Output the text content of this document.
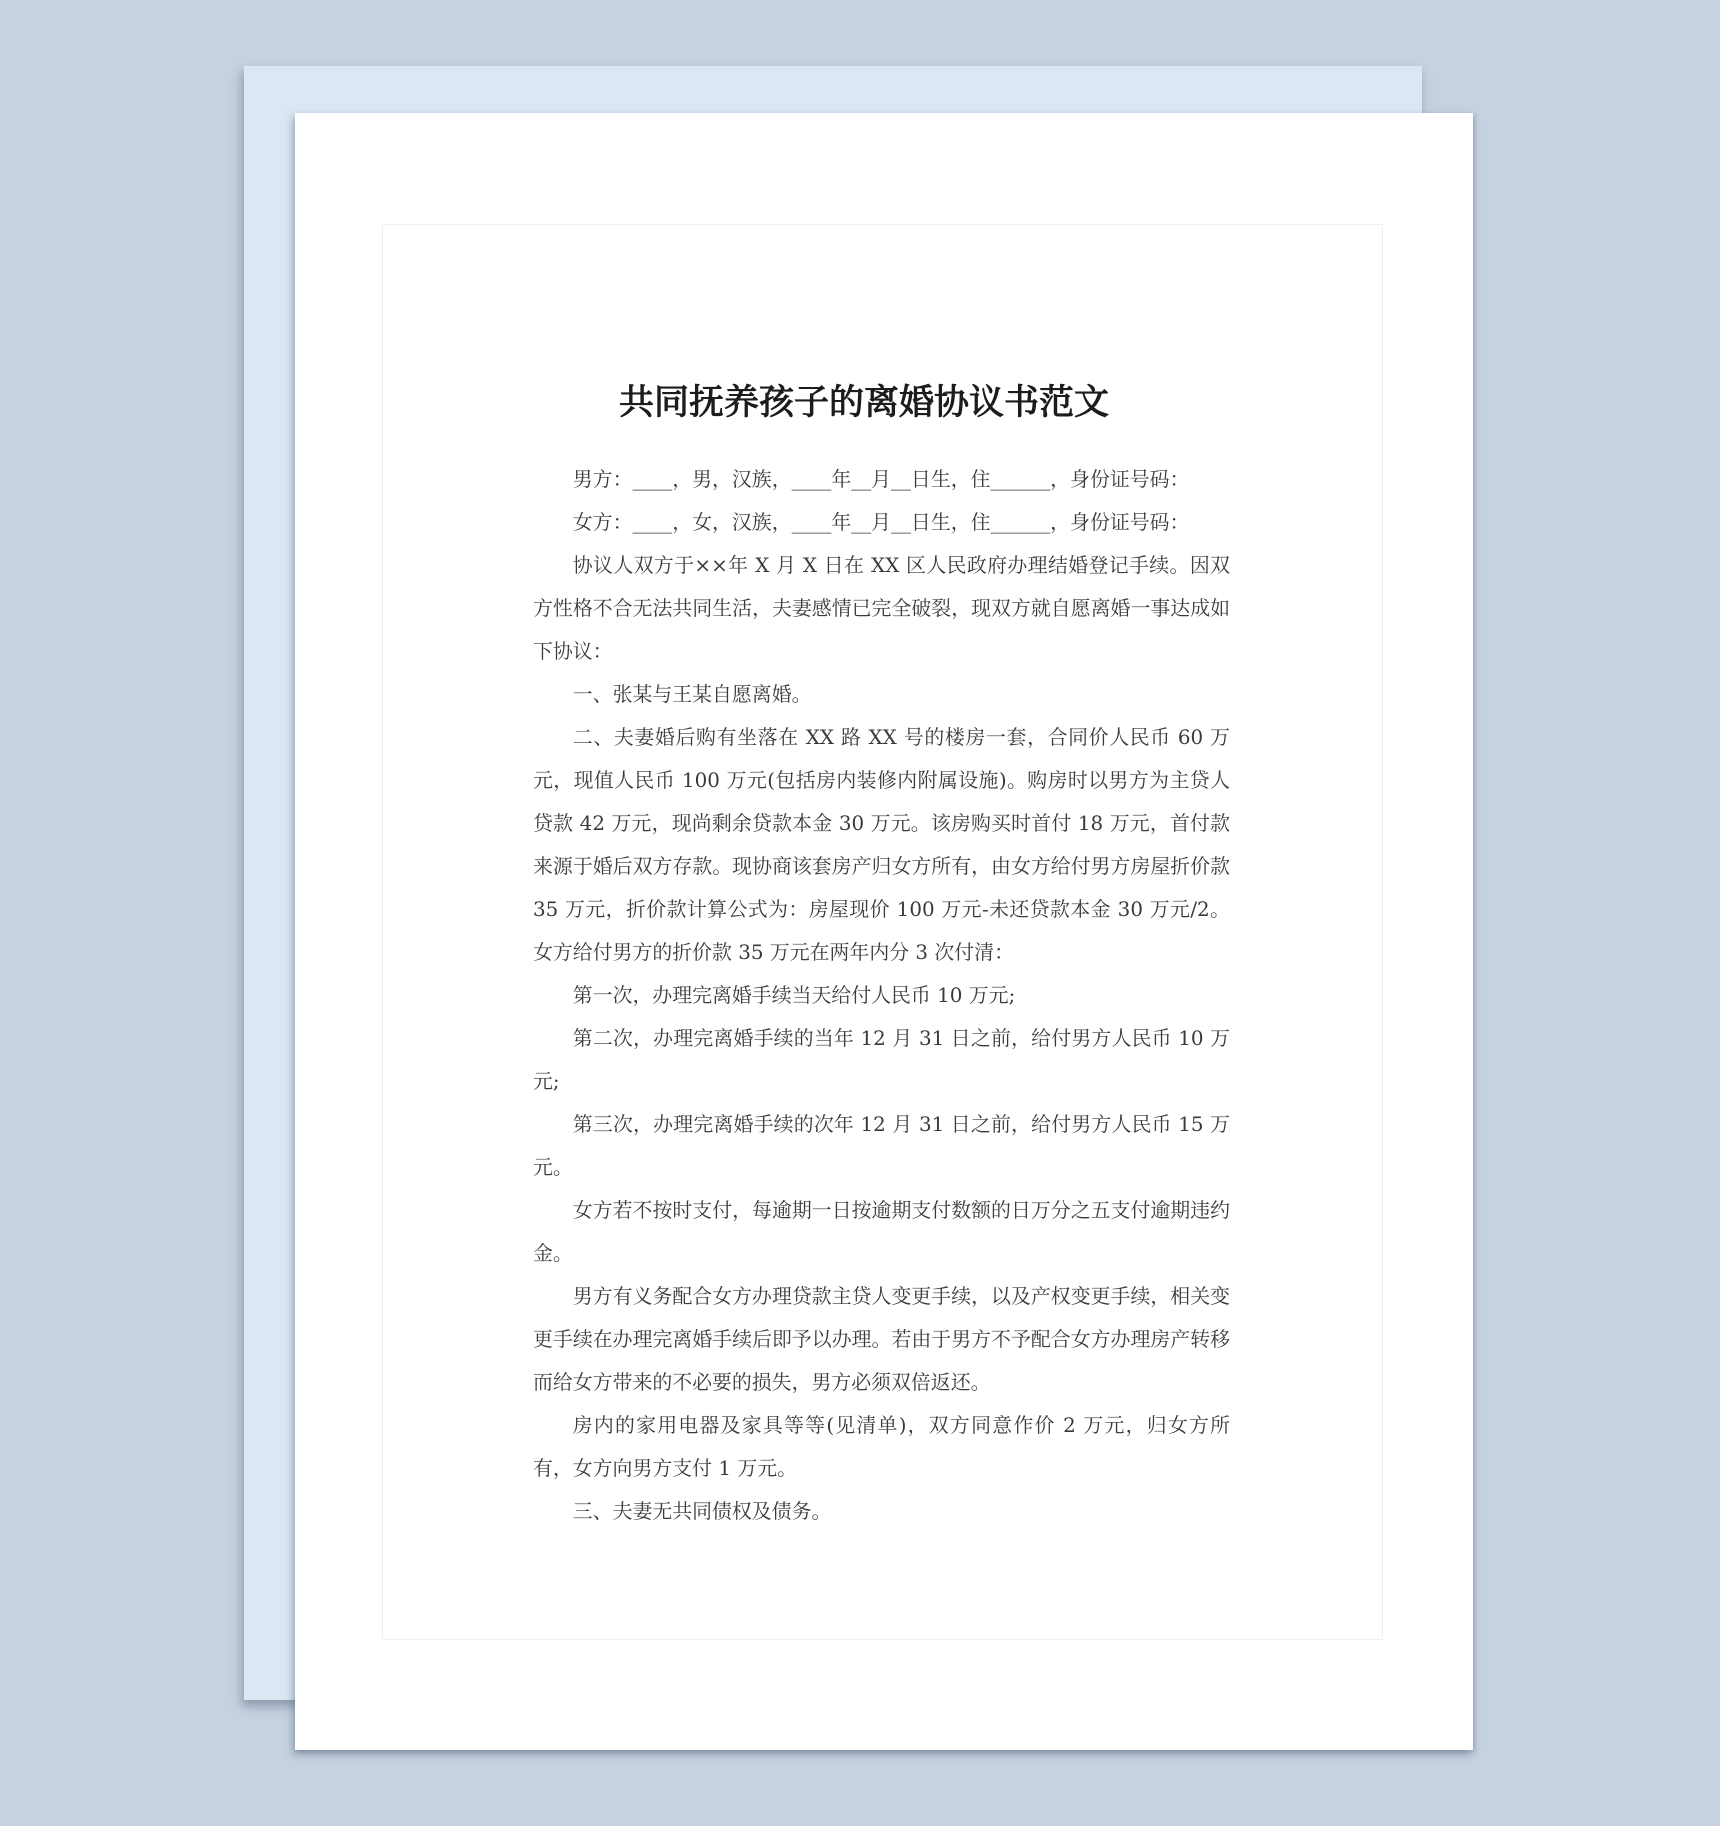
共同抚养孩子的离婚协议书范文

男方：____，男，汉族，____年__月__日生，住______，身份证号码：

女方：____，女，汉族，____年__月__日生，住______，身份证号码：

协议人双方于××年 X 月 X 日在 XX 区人民政府办理结婚登记手续。因双方性格不合无法共同生活，夫妻感情已完全破裂，现双方就自愿离婚一事达成如下协议：

一、张某与王某自愿离婚。

二、夫妻婚后购有坐落在 XX 路 XX 号的楼房一套，合同价人民币 60 万元，现值人民币 100 万元(包括房内装修内附属设施)。购房时以男方为主贷人贷款 42 万元，现尚剩余贷款本金 30 万元。该房购买时首付 18 万元，首付款来源于婚后双方存款。现协商该套房产归女方所有，由女方给付男方房屋折价款 35 万元，折价款计算公式为：房屋现价 100 万元-未还贷款本金 30 万元/2。女方给付男方的折价款 35 万元在两年内分 3 次付清：

第一次，办理完离婚手续当天给付人民币 10 万元;

第二次，办理完离婚手续的当年 12 月 31 日之前，给付男方人民币 10 万元;

第三次，办理完离婚手续的次年 12 月 31 日之前，给付男方人民币 15 万元。

女方若不按时支付，每逾期一日按逾期支付数额的日万分之五支付逾期违约金。

男方有义务配合女方办理贷款主贷人变更手续，以及产权变更手续，相关变更手续在办理完离婚手续后即予以办理。若由于男方不予配合女方办理房产转移而给女方带来的不必要的损失，男方必须双倍返还。

房内的家用电器及家具等等(见清单)，双方同意作价 2 万元，归女方所有，女方向男方支付 1 万元。

三、夫妻无共同债权及债务。
